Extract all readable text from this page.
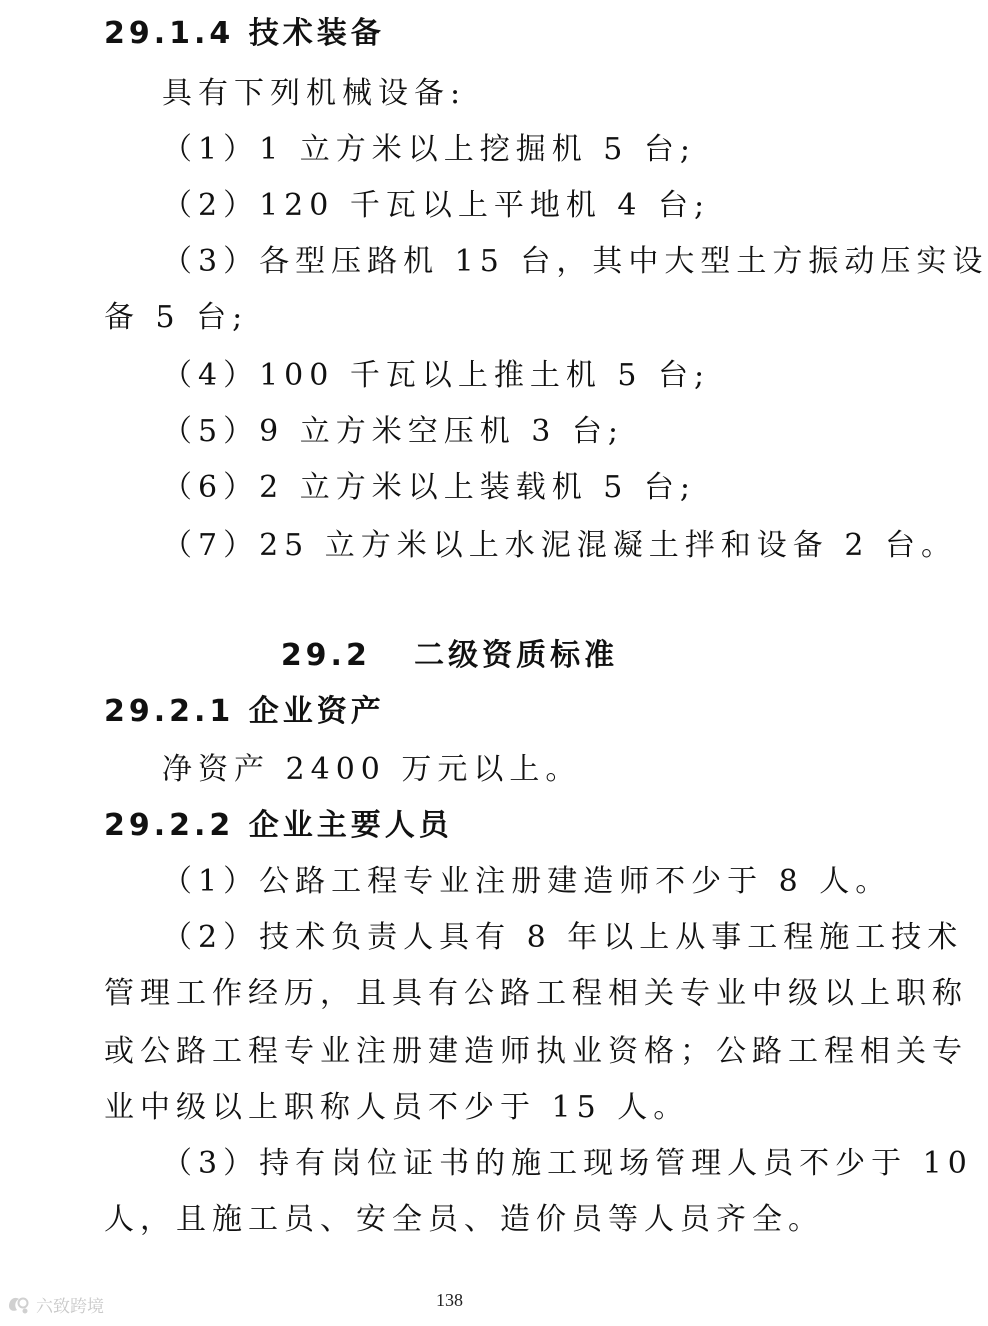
29.1.4 技术装备
具有下列机械设备:
（1）1 立方米以上挖掘机 5 台;
（2）120 千瓦以上平地机 4 台;
（3）各型压路机 15 台，其中大型土方振动压实设
备 5 台;
（4）100 千瓦以上推土机 5 台;
（5）9 立方米空压机 3 台;
（6）2 立方米以上装载机 5 台;
（7）25 立方米以上水泥混凝土拌和设备 2 台。
29.2   二级资质标准
29.2.1 企业资产
净资产 2400 万元以上。
29.2.2 企业主要人员
（1）公路工程专业注册建造师不少于 8 人。
（2）技术负责人具有 8 年以上从事工程施工技术
管理工作经历，且具有公路工程相关专业中级以上职称
或公路工程专业注册建造师执业资格；公路工程相关专
业中级以上职称人员不少于 15 人。
（3）持有岗位证书的施工现场管理人员不少于 10
人，且施工员、安全员、造价员等人员齐全。
138
六致跨境
